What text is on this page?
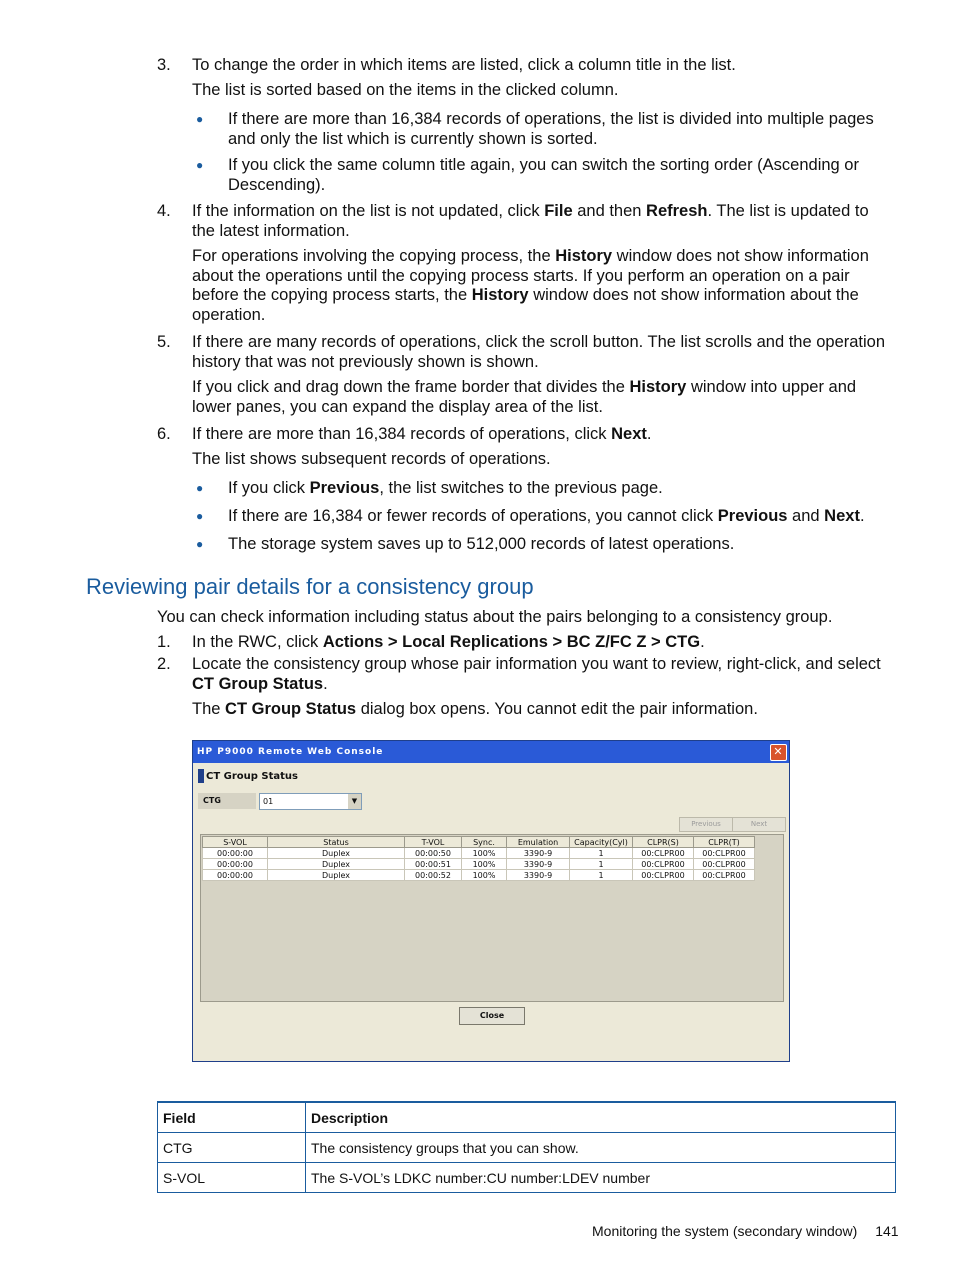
3. To change the order in which items are listed, click a column title in the list.
The list is sorted based on the items in the clicked column.
● If there are more than 16,384 records of operations, the list is divided into multiple pages and only the list which is currently shown is sorted.
● If you click the same column title again, you can switch the sorting order (Ascending or Descending).
4. If the information on the list is not updated, click File and then Refresh. The list is updated to the latest information.
For operations involving the copying process, the History window does not show information about the operations until the copying process starts. If you perform an operation on a pair before the copying process starts, the History window does not show information about the operation.
5. If there are many records of operations, click the scroll button. The list scrolls and the operation history that was not previously shown is shown.
If you click and drag down the frame border that divides the History window into upper and lower panes, you can expand the display area of the list.
6. If there are more than 16,384 records of operations, click Next.
The list shows subsequent records of operations.
● If you click Previous, the list switches to the previous page.
● If there are 16,384 or fewer records of operations, you cannot click Previous and Next.
● The storage system saves up to 512,000 records of latest operations.
Reviewing pair details for a consistency group
You can check information including status about the pairs belonging to a consistency group.
1. In the RWC, click Actions > Local Replications > BC Z/FC Z > CTG.
2. Locate the consistency group whose pair information you want to review, right-click, and select CT Group Status.
The CT Group Status dialog box opens. You cannot edit the pair information.
HP P9000 Remote Web Console	✕
CT Group Status
CTG	01	▼
Previous	Next
S-VOL	Status	T-VOL	Sync.	Emulation	Capacity(Cyl)	CLPR(S)	CLPR(T)
00:00:00	Duplex	00:00:50	100%	3390-9	1	00:CLPR00	00:CLPR00
00:00:00	Duplex	00:00:51	100%	3390-9	1	00:CLPR00	00:CLPR00
00:00:00	Duplex	00:00:52	100%	3390-9	1	00:CLPR00	00:CLPR00
Close
Field	Description
CTG	The consistency groups that you can show.
S-VOL	The S-VOL’s LDKC number:CU number:LDEV number
Monitoring the system (secondary window) 141
